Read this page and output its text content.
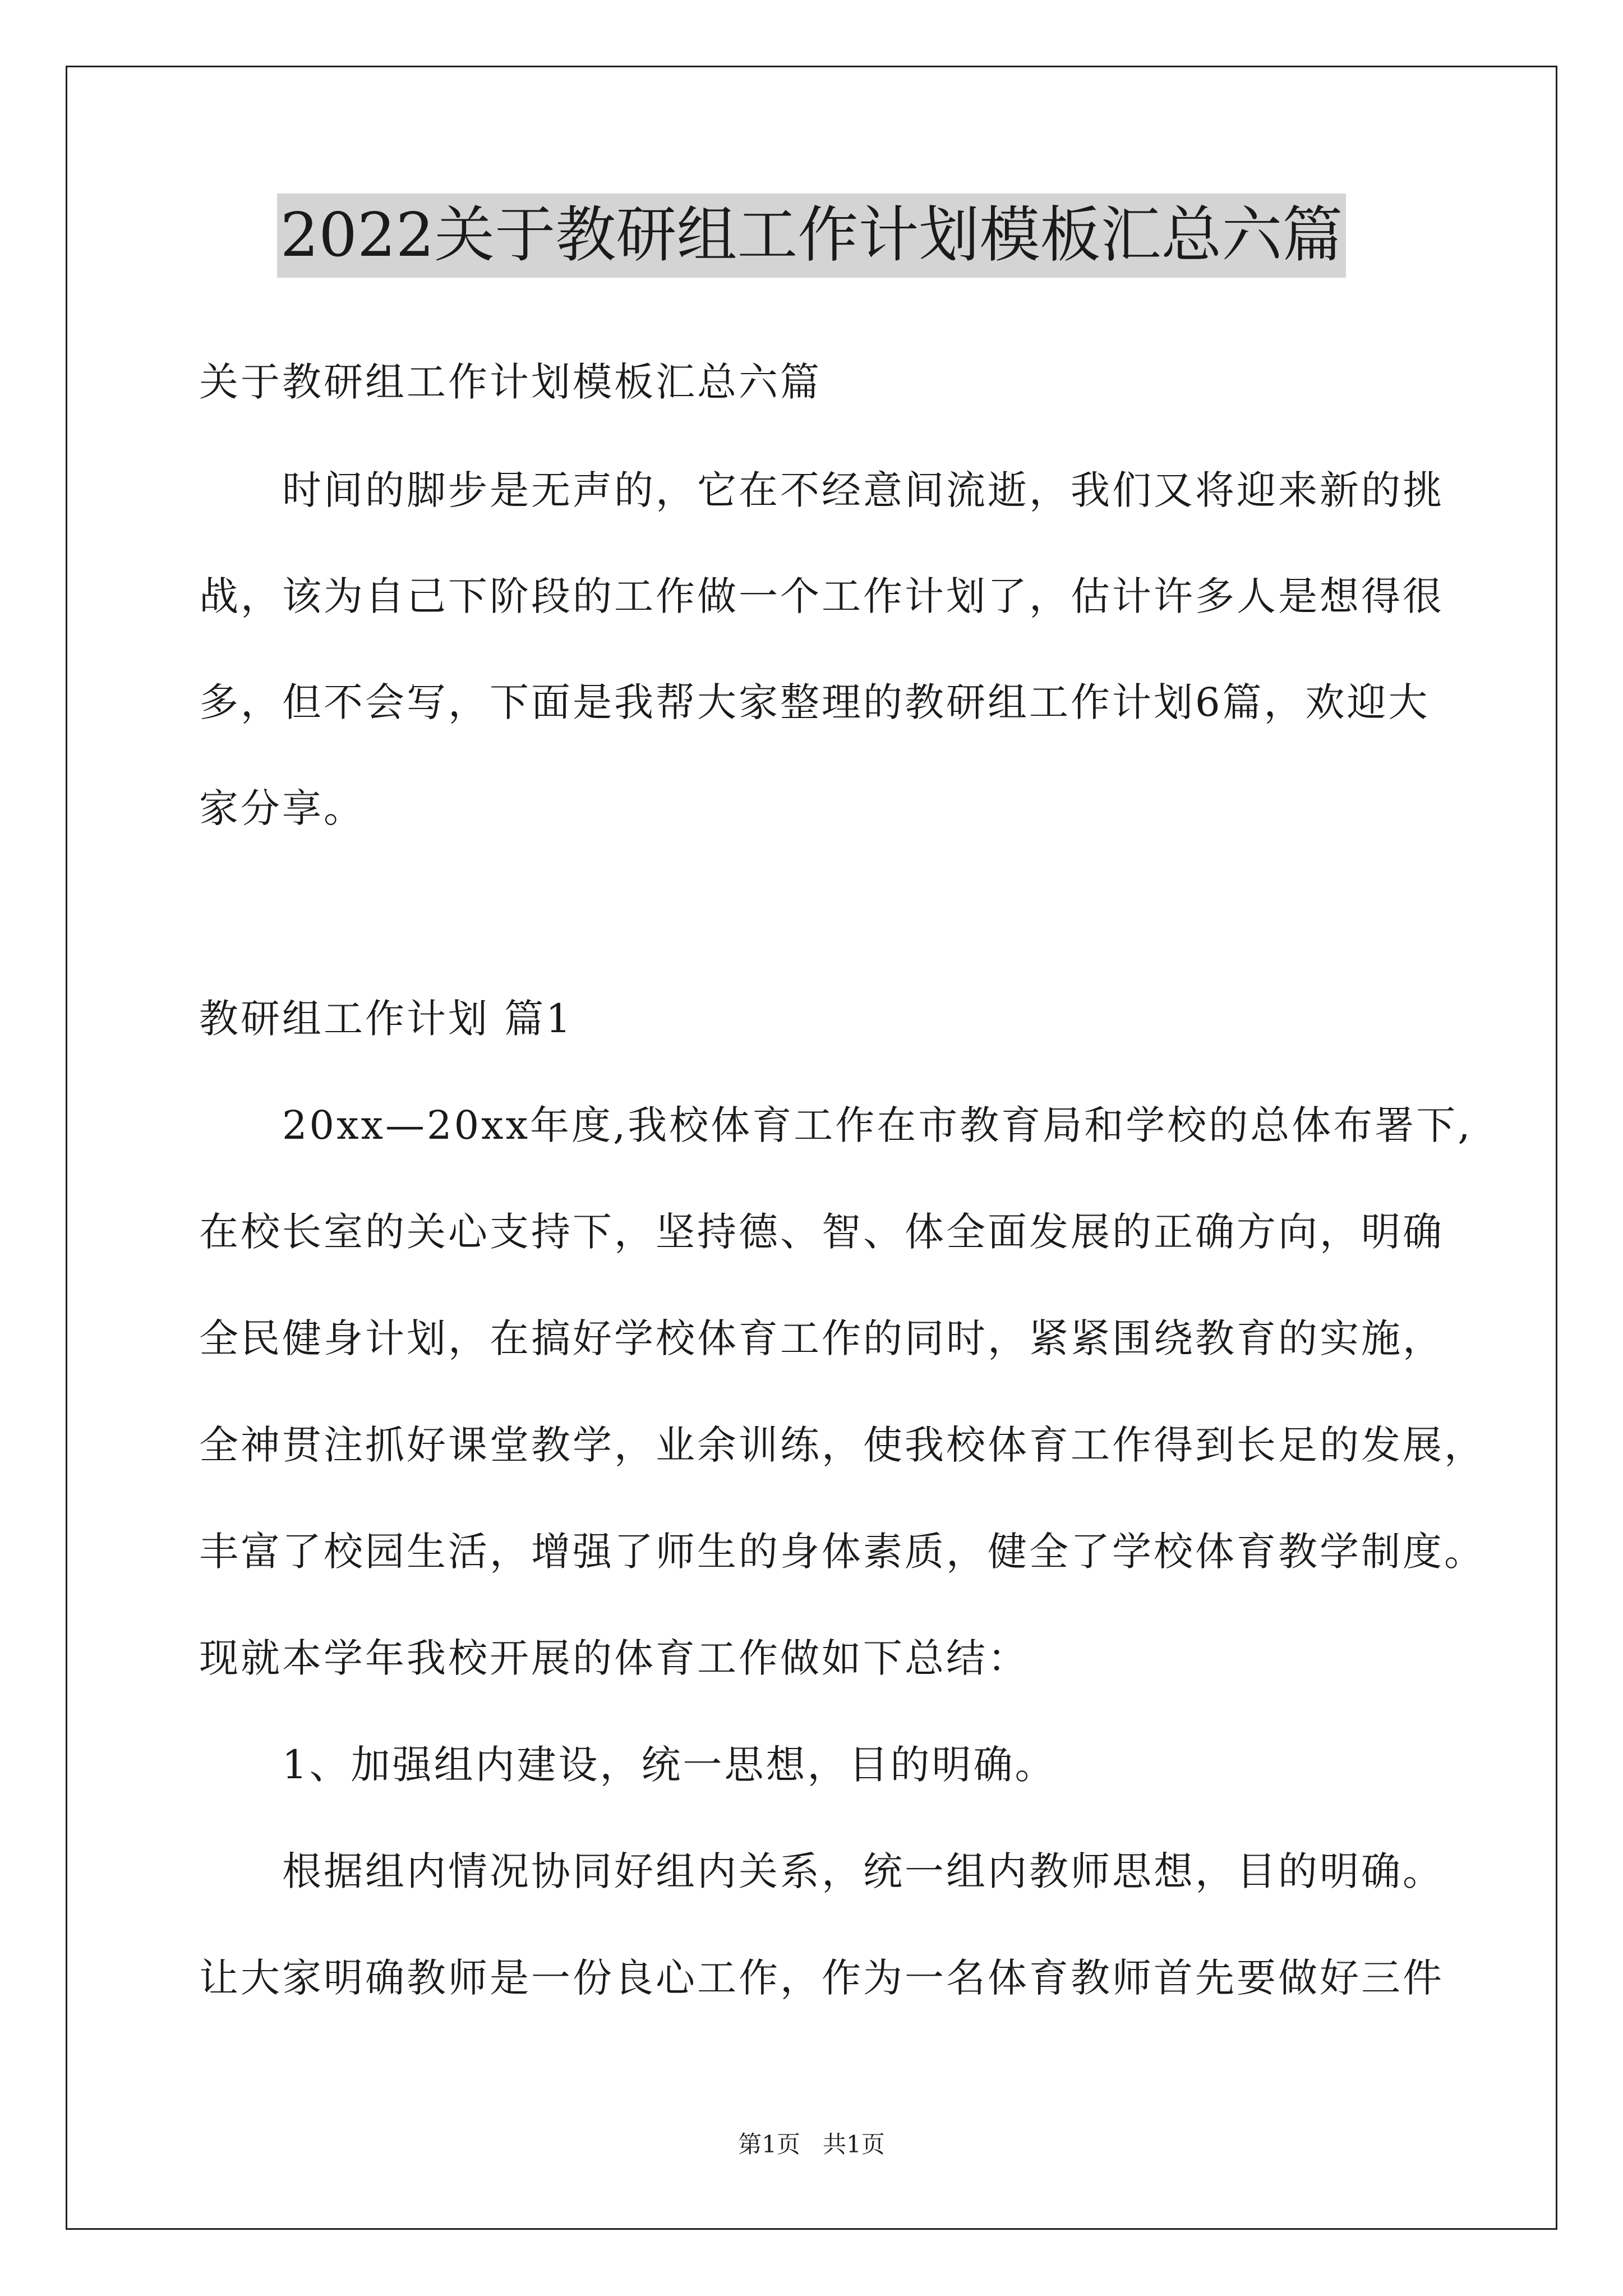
2022关于教研组工作计划模板汇总六篇
关于教研组工作计划模板汇总六篇
　　时间的脚步是无声的，它在不经意间流逝，我们又将迎来新的挑
战，该为自己下阶段的工作做一个工作计划了，估计许多人是想得很
多，但不会写，下面是我帮大家整理的教研组工作计划6篇，欢迎大
家分享。
教研组工作计划 篇1
　　20xx—20xx年度,我校体育工作在市教育局和学校的总体布署下,
在校长室的关心支持下，坚持德、智、体全面发展的正确方向，明确
全民健身计划，在搞好学校体育工作的同时，紧紧围绕教育的实施，
全神贯注抓好课堂教学，业余训练，使我校体育工作得到长足的发展，
丰富了校园生活，增强了师生的身体素质，健全了学校体育教学制度。
现就本学年我校开展的体育工作做如下总结：
　　1、加强组内建设，统一思想，目的明确。
　　根据组内情况协同好组内关系，统一组内教师思想，目的明确。
让大家明确教师是一份良心工作，作为一名体育教师首先要做好三件
第1页   共1页
